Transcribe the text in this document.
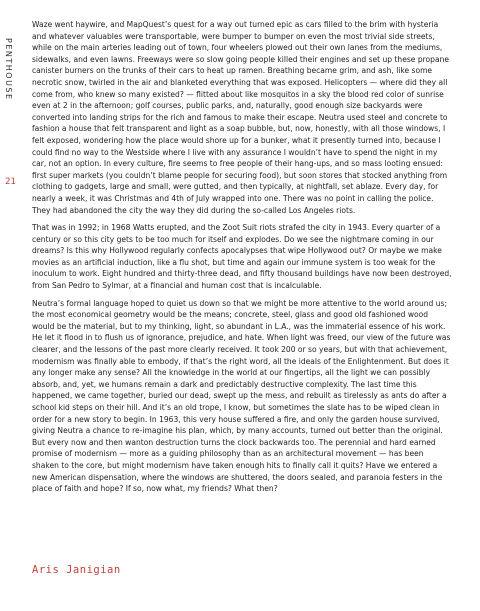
PENTHOUSE
21

Waze went haywire, and MapQuest’s quest for a way out turned epic as cars filled to the brim with hysteria and whatever valuables were transportable, were bumper to bumper on even the most trivial side streets, while on the main arteries leading out of town, four wheelers plowed out their own lanes from the mediums, sidewalks, and even lawns. Freeways were so slow going people killed their engines and set up these propane canister burners on the trunks of their cars to heat up ramen. Breathing became grim, and ash, like some necrotic snow, twirled in the air and blanketed everything that was exposed. Helicopters — where did they all come from, who knew so many existed? — flitted about like mosquitos in a sky the blood red color of sunrise even at 2 in the afternoon; golf courses, public parks, and, naturally, good enough size backyards were converted into landing strips for the rich and famous to make their escape. Neutra used steel and concrete to fashion a house that felt transparent and light as a soap bubble, but, now, honestly, with all those windows, I felt exposed, wondering how the place would shore up for a bunker, what it presently turned into, because I could find no way to the Westside where I live with any assurance I wouldn’t have to spend the night in my car, not an option. In every culture, fire seems to free people of their hang-ups, and so mass looting ensued: first super markets (you couldn’t blame people for securing food), but soon stores that stocked anything from clothing to gadgets, large and small, were gutted, and then typically, at nightfall, set ablaze. Every day, for nearly a week, it was Christmas and 4th of July wrapped into one. There was no point in calling the police. They had abandoned the city the way they did during the so-called Los Angeles riots.

That was in 1992; in 1968 Watts erupted, and the Zoot Suit riots strafed the city in 1943. Every quarter of a century or so this city gets to be too much for itself and explodes. Do we see the nightmare coming in our dreams? Is this why Hollywood regularly confects apocalypses that wipe Hollywood out? Or maybe we make movies as an artificial induction, like a flu shot, but time and again our immune system is too weak for the inoculum to work. Eight hundred and thirty-three dead, and fifty thousand buildings have now been destroyed, from San Pedro to Sylmar, at a financial and human cost that is incalculable.

Neutra’s formal language hoped to quiet us down so that we might be more attentive to the world around us; the most economical geometry would be the means; concrete, steel, glass and good old fashioned wood would be the material, but to my thinking, light, so abundant in L.A., was the immaterial essence of his work. He let it flood in to flush us of ignorance, prejudice, and hate. When light was freed, our view of the future was clearer, and the lessons of the past more clearly received. It took 200 or so years, but with that achievement, modernism was finally able to embody, if that’s the right word, all the ideals of the Enlightenment. But does it any longer make any sense? All the knowledge in the world at our fingertips, all the light we can possibly absorb, and, yet, we humans remain a dark and predictably destructive complexity. The last time this happened, we came together, buried our dead, swept up the mess, and rebuilt as tirelessly as ants do after a school kid steps on their hill. And it’s an old trope, I know, but sometimes the slate has to be wiped clean in order for a new story to begin. In 1963, this very house suffered a fire, and only the garden house survived, giving Neutra a chance to re-imagine his plan, which, by many accounts, turned out better than the original. But every now and then wanton destruction turns the clock backwards too. The perennial and hard earned promise of modernism — more as a guiding philosophy than as an architectural movement — has been shaken to the core, but might modernism have taken enough hits to finally call it quits? Have we entered a new American dispensation, where the windows are shuttered, the doors sealed, and paranoia festers in the place of faith and hope? If so, now what, my friends? What then?

Aris Janigian
